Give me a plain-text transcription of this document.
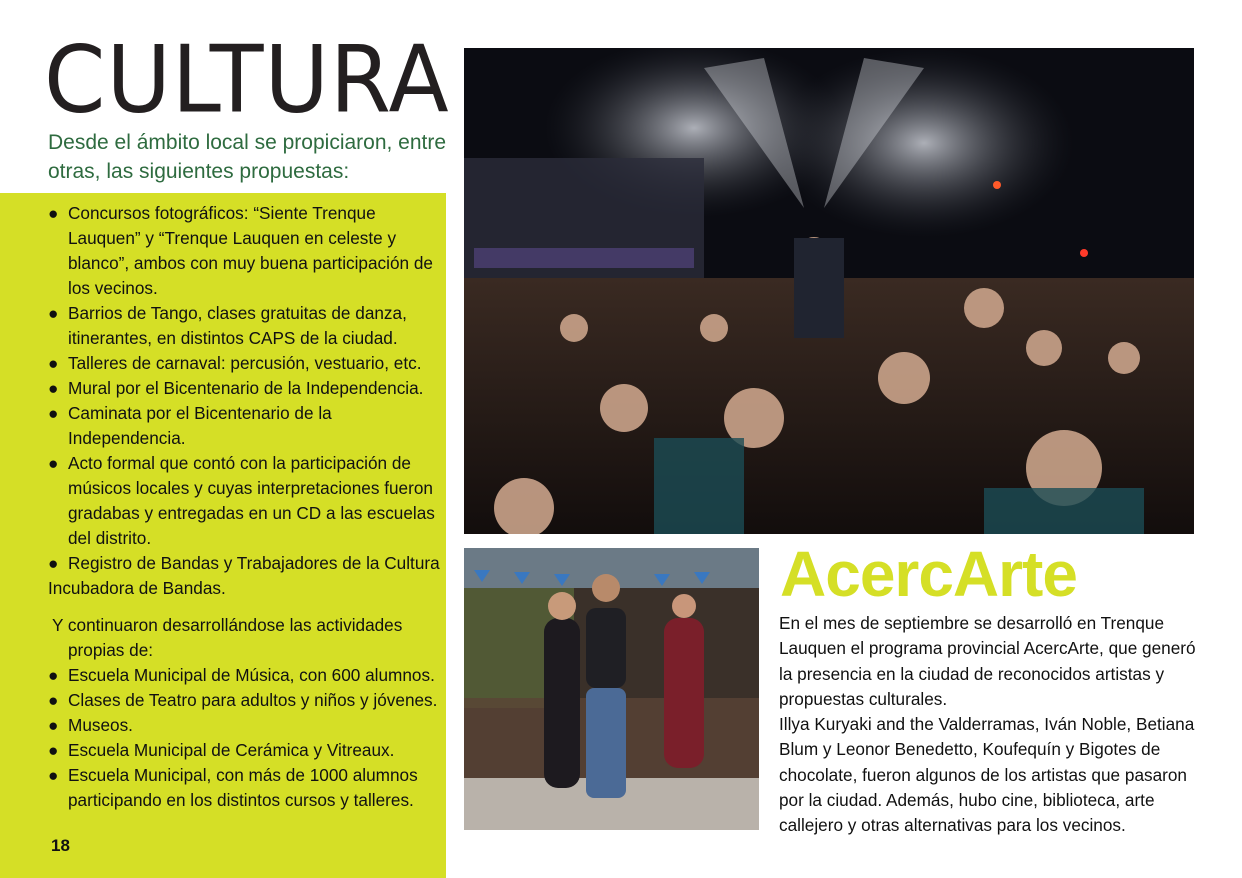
CULTURA
Desde el ámbito local se propiciaron, entre otras, las siguientes propuestas:

● Concursos fotográficos: “Siente Trenque Lauquen” y “Trenque Lauquen en celeste y blanco”, ambos con muy buena participación de los vecinos.

● Barrios de Tango, clases gratuitas de danza, itinerantes, en distintos CAPS de la ciudad.

● Talleres de carnaval: percusión, vestuario, etc.

● Mural por el Bicentenario de la Independencia.

● Caminata por el Bicentenario de la Independencia.

● Acto formal que contó con la participación de músicos locales y cuyas interpretaciones fueron gradabas y entregadas en un CD a las escuelas del distrito.

● Registro de Bandas y Trabajadores de la Cultura

Incubadora de Bandas.

Y continuaron desarrollándose las actividades propias de:

● Escuela Municipal de Música, con 600 alumnos.

● Clases de Teatro para adultos y niños y jóvenes.

● Museos.

● Escuela Municipal de Cerámica y Vitreaux.

● Escuela Municipal, con más de 1000 alumnos participando en los distintos cursos y talleres.

18
AcercArte

En el mes de septiembre se desarrolló en Trenque Lauquen el programa provincial AcercArte, que generó la presencia en la ciudad de reconocidos artistas y propuestas culturales.

Illya Kuryaki and the Valderramas, Iván Noble, Betiana Blum y Leonor Benedetto, Koufequín y Bigotes de chocolate, fueron algunos de los artistas que pasaron por la ciudad. Además, hubo cine, biblioteca, arte callejero y otras alternativas para los vecinos.
